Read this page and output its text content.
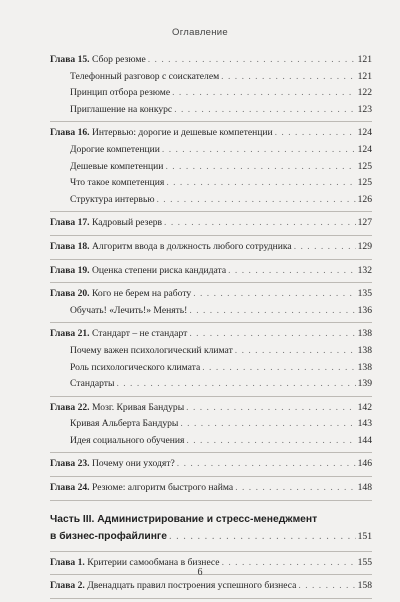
Оглавление
Глава 15. Сбор резюме . . .	121
Телефонный разговор с соискателем . . .	121
Принцип отбора резюме . . .	122
Приглашение на конкурс . . .	123
Глава 16. Интервью: дорогие и дешевые компетенции . . .	124
Дорогие компетенции . . .	124
Дешевые компетенции . . .	125
Что такое компетенция . . .	125
Структура интервью . . .	126
Глава 17. Кадровый резерв . . .	127
Глава 18. Алгоритм ввода в должность любого сотрудника . . .	129
Глава 19. Оценка степени риска кандидата . . .	132
Глава 20. Кого не берем на работу . . .	135
Обучать! «Лечить!» Менять! . . .	136
Глава 21. Стандарт – не стандарт . . .	138
Почему важен психологический климат . . .	138
Роль психологического климата . . .	138
Стандарты . . .	139
Глава 22. Мозг. Кривая Бандуры . . .	142
Кривая Альберта Бандуры . . .	143
Идея социального обучения . . .	144
Глава 23. Почему они уходят? . . .	146
Глава 24. Резюме: алгоритм быстрого найма . . .	148
Часть III. Администрирование и стресс-менеджмент
в бизнес-профайлинге . . .	151
Глава 1. Критерии самообмана в бизнесе . . .	155
Глава 2. Двенадцать правил построения успешного бизнеса . . .	158
6
